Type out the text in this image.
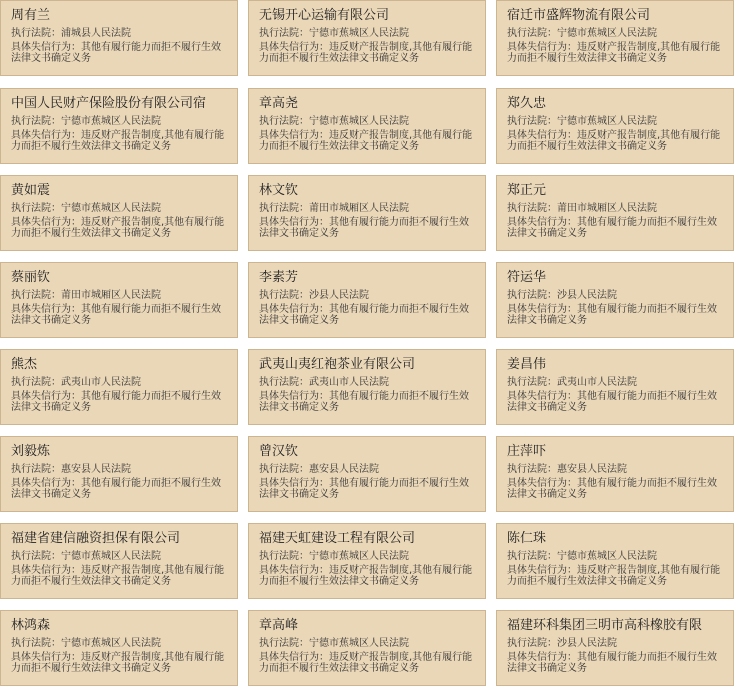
周有兰
执行法院：浦城县人民法院
具体失信行为：其他有履行能力而拒不履行生效法律文书确定义务
无锡开心运输有限公司
执行法院：宁德市蕉城区人民法院
具体失信行为：违反财产报告制度,其他有履行能力而拒不履行生效法律文书确定义务
宿迁市盛辉物流有限公司
执行法院：宁德市蕉城区人民法院
具体失信行为：违反财产报告制度,其他有履行能力而拒不履行生效法律文书确定义务
中国人民财产保险股份有限公司宿
执行法院：宁德市蕉城区人民法院
具体失信行为：违反财产报告制度,其他有履行能力而拒不履行生效法律文书确定义务
章高尧
执行法院：宁德市蕉城区人民法院
具体失信行为：违反财产报告制度,其他有履行能力而拒不履行生效法律文书确定义务
郑久忠
执行法院：宁德市蕉城区人民法院
具体失信行为：违反财产报告制度,其他有履行能力而拒不履行生效法律文书确定义务
黄如震
执行法院：宁德市蕉城区人民法院
具体失信行为：违反财产报告制度,其他有履行能力而拒不履行生效法律文书确定义务
林文钦
执行法院：莆田市城厢区人民法院
具体失信行为：其他有履行能力而拒不履行生效法律文书确定义务
郑正元
执行法院：莆田市城厢区人民法院
具体失信行为：其他有履行能力而拒不履行生效法律文书确定义务
蔡丽钦
执行法院：莆田市城厢区人民法院
具体失信行为：其他有履行能力而拒不履行生效法律文书确定义务
李素芳
执行法院：沙县人民法院
具体失信行为：其他有履行能力而拒不履行生效法律文书确定义务
符运华
执行法院：沙县人民法院
具体失信行为：其他有履行能力而拒不履行生效法律文书确定义务
熊杰
执行法院：武夷山市人民法院
具体失信行为：其他有履行能力而拒不履行生效法律文书确定义务
武夷山夷红袍茶业有限公司
执行法院：武夷山市人民法院
具体失信行为：其他有履行能力而拒不履行生效法律文书确定义务
姜昌伟
执行法院：武夷山市人民法院
具体失信行为：其他有履行能力而拒不履行生效法律文书确定义务
刘毅炼
执行法院：惠安县人民法院
具体失信行为：其他有履行能力而拒不履行生效法律文书确定义务
曾汉钦
执行法院：惠安县人民法院
具体失信行为：其他有履行能力而拒不履行生效法律文书确定义务
庄萍吓
执行法院：惠安县人民法院
具体失信行为：其他有履行能力而拒不履行生效法律文书确定义务
福建省建信融资担保有限公司
执行法院：宁德市蕉城区人民法院
具体失信行为：违反财产报告制度,其他有履行能力而拒不履行生效法律文书确定义务
福建天虹建设工程有限公司
执行法院：宁德市蕉城区人民法院
具体失信行为：违反财产报告制度,其他有履行能力而拒不履行生效法律文书确定义务
陈仁珠
执行法院：宁德市蕉城区人民法院
具体失信行为：违反财产报告制度,其他有履行能力而拒不履行生效法律文书确定义务
林鸿森
执行法院：宁德市蕉城区人民法院
具体失信行为：违反财产报告制度,其他有履行能力而拒不履行生效法律文书确定义务
章高峰
执行法院：宁德市蕉城区人民法院
具体失信行为：违反财产报告制度,其他有履行能力而拒不履行生效法律文书确定义务
福建环科集团三明市高科橡胶有限
执行法院：沙县人民法院
具体失信行为：其他有履行能力而拒不履行生效法律文书确定义务
